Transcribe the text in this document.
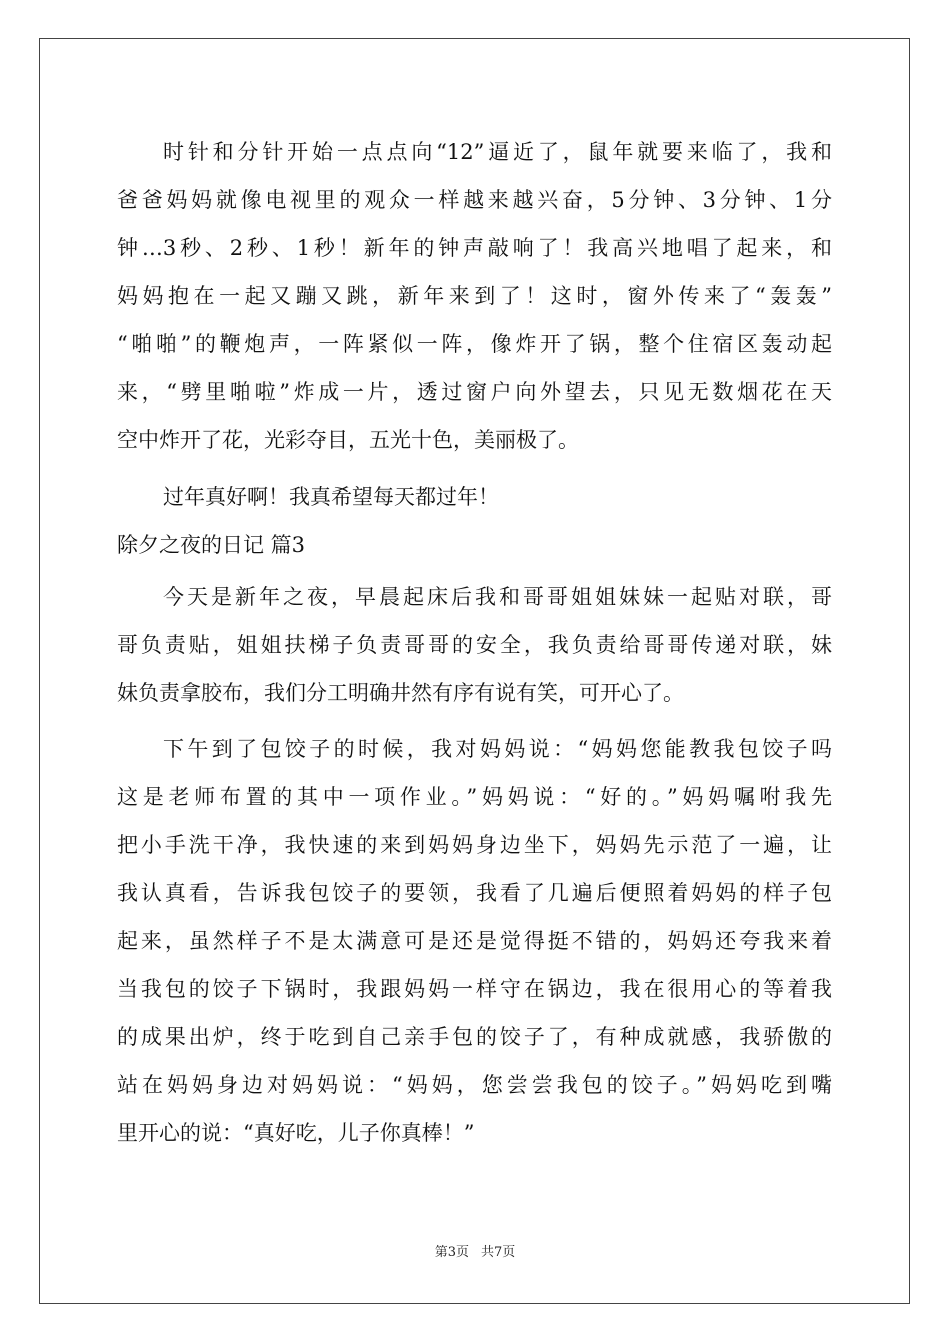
时针和分针开始一点点向“12”逼近了，鼠年就要来临了，我和
爸爸妈妈就像电视里的观众一样越来越兴奋，5分钟、3分钟、1分
钟…3秒、2秒、1秒！新年的钟声敲响了！我高兴地唱了起来，和
妈妈抱在一起又蹦又跳，新年来到了！这时，窗外传来了“轰轰”
“啪啪”的鞭炮声，一阵紧似一阵，像炸开了锅，整个住宿区轰动起
来，“劈里啪啦”炸成一片，透过窗户向外望去，只见无数烟花在天
空中炸开了花，光彩夺目，五光十色，美丽极了。
过年真好啊！我真希望每天都过年！
除夕之夜的日记 篇3
今天是新年之夜，早晨起床后我和哥哥姐姐妹妹一起贴对联，哥
哥负责贴，姐姐扶梯子负责哥哥的安全，我负责给哥哥传递对联，妹
妹负责拿胶布，我们分工明确井然有序有说有笑，可开心了。
下午到了包饺子的时候，我对妈妈说：“妈妈您能教我包饺子吗
这是老师布置的其中一项作业。”妈妈说：“好的。”妈妈嘱咐我先
把小手洗干净，我快速的来到妈妈身边坐下，妈妈先示范了一遍，让
我认真看，告诉我包饺子的要领，我看了几遍后便照着妈妈的样子包
起来，虽然样子不是太满意可是还是觉得挺不错的，妈妈还夸我来着
当我包的饺子下锅时，我跟妈妈一样守在锅边，我在很用心的等着我
的成果出炉，终于吃到自己亲手包的饺子了，有种成就感，我骄傲的
站在妈妈身边对妈妈说：“妈妈，您尝尝我包的饺子。”妈妈吃到嘴
里开心的说：“真好吃，儿子你真棒！”
第3页 共7页
